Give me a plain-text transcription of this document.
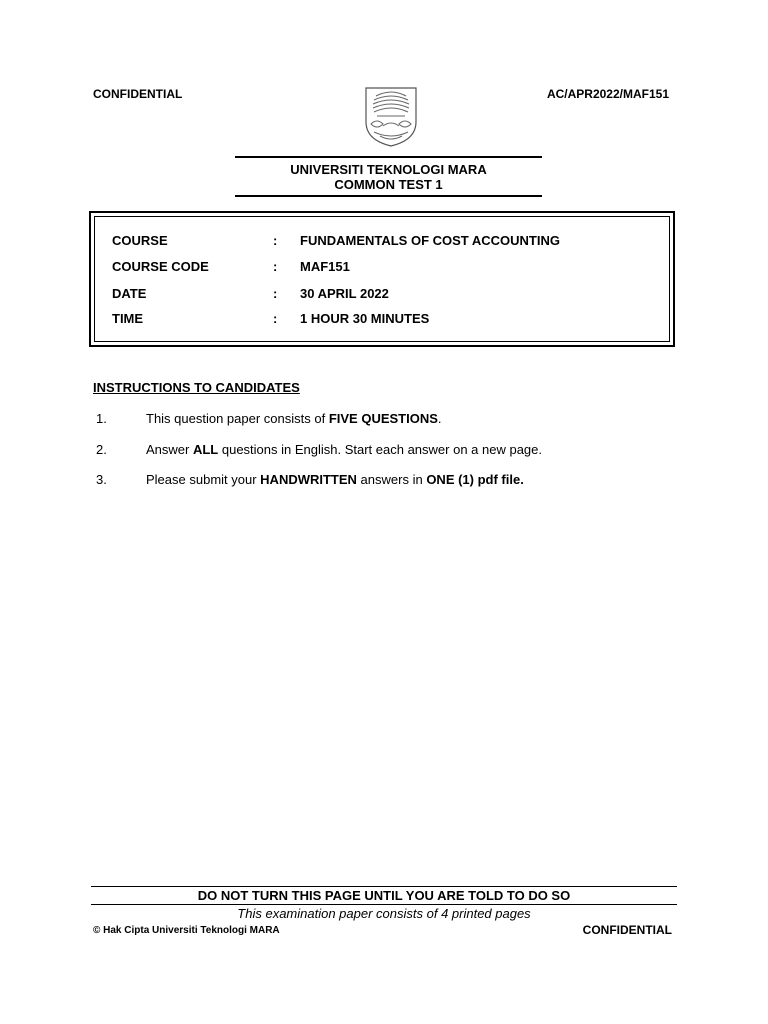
CONFIDENTIAL	AC/APR2022/MAF151
UNIVERSITI TEKNOLOGI MARA
COMMON TEST 1
COURSE	: FUNDAMENTALS OF COST ACCOUNTING
COURSE CODE	: MAF151
DATE	: 30 APRIL 2022
TIME	: 1 HOUR 30 MINUTES
INSTRUCTIONS TO CANDIDATES
1.	This question paper consists of FIVE QUESTIONS.
2.	Answer ALL questions in English. Start each answer on a new page.
3.	Please submit your HANDWRITTEN answers in ONE (1) pdf file.
DO NOT TURN THIS PAGE UNTIL YOU ARE TOLD TO DO SO
This examination paper consists of 4 printed pages
© Hak Cipta Universiti Teknologi MARA	CONFIDENTIAL
